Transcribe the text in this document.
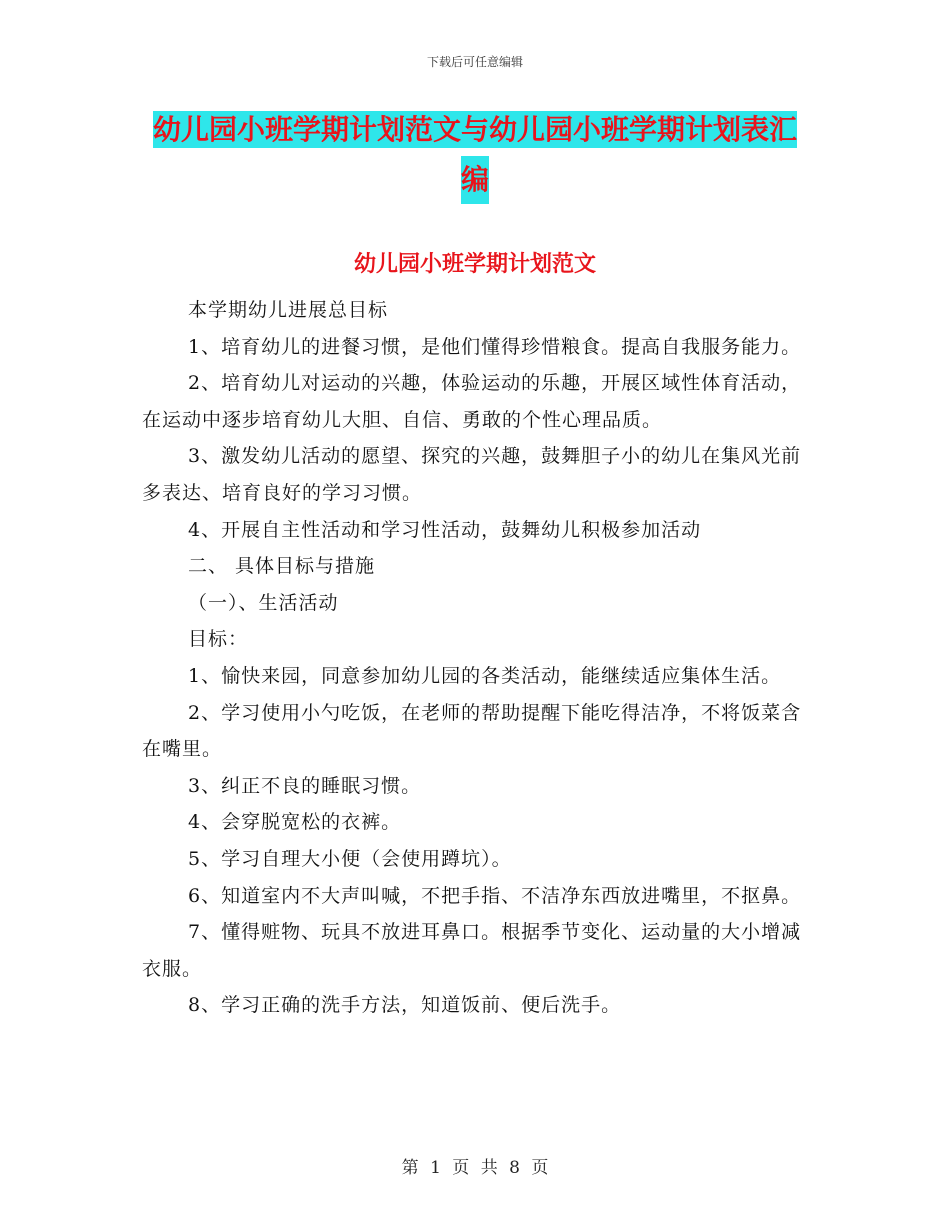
下载后可任意编辑
幼儿园小班学期计划范文与幼儿园小班学期计划表汇
编
幼儿园小班学期计划范文

本学期幼儿进展总目标

1、培育幼儿的进餐习惯，是他们懂得珍惜粮食。提高自我服务能力。

2、培育幼儿对运动的兴趣，体验运动的乐趣，开展区域性体育活动，在运动中逐步培育幼儿大胆、自信、勇敢的个性心理品质。

3、激发幼儿活动的愿望、探究的兴趣，鼓舞胆子小的幼儿在集风光前多表达、培育良好的学习习惯。

4、开展自主性活动和学习性活动，鼓舞幼儿积极参加活动

二、 具体目标与措施

（一）、生活活动

目标：

1、愉快来园，同意参加幼儿园的各类活动，能继续适应集体生活。

2、学习使用小勺吃饭，在老师的帮助提醒下能吃得洁净，不将饭菜含在嘴里。

3、纠正不良的睡眠习惯。

4、会穿脱宽松的衣裤。

5、学习自理大小便（会使用蹲坑）。

6、知道室内不大声叫喊，不把手指、不洁净东西放进嘴里，不抠鼻。

7、懂得赃物、玩具不放进耳鼻口。根据季节变化、运动量的大小增减衣服。

8、学习正确的洗手方法，知道饭前、便后洗手。

第 1 页 共 8 页
